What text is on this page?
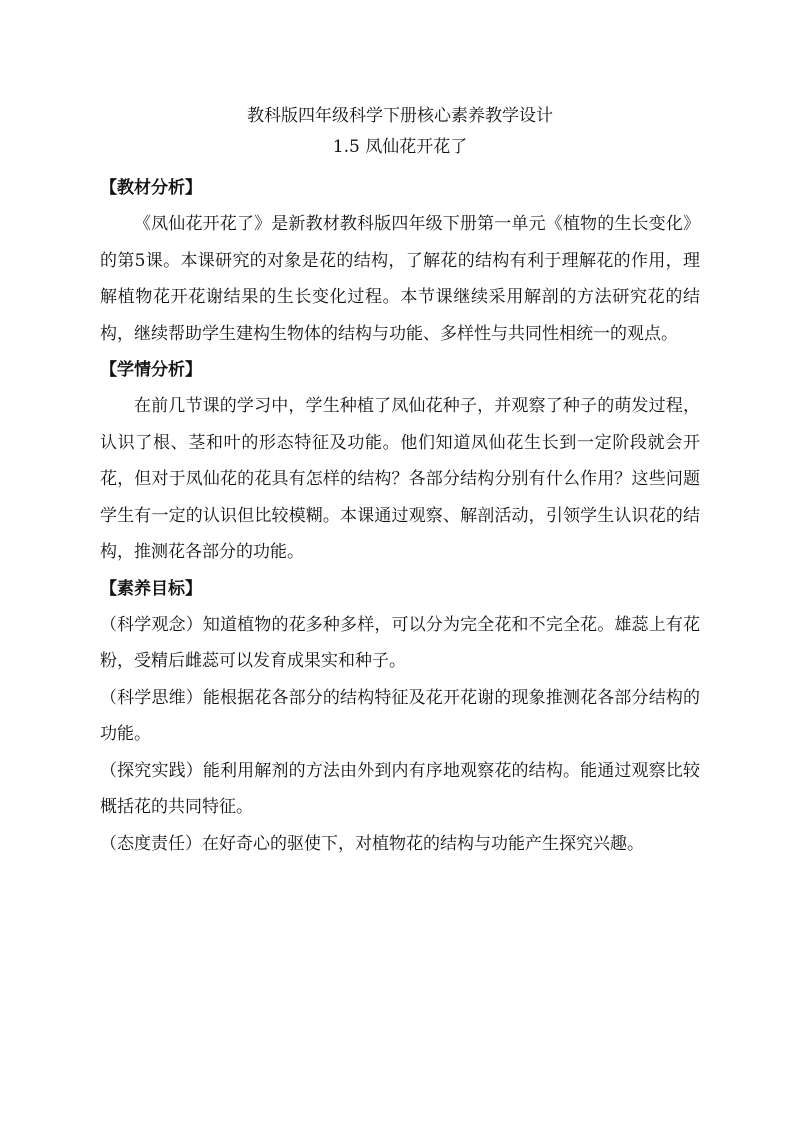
教科版四年级科学下册核心素养教学设计
1.5 凤仙花开花了
【教材分析】

《凤仙花开花了》是新教材教科版四年级下册第一单元《植物的生长变化》的第5课。本课研究的对象是花的结构，了解花的结构有利于理解花的作用，理解植物花开花谢结果的生长变化过程。本节课继续采用解剖的方法研究花的结构，继续帮助学生建构生物体的结构与功能、多样性与共同性相统一的观点。

【学情分析】

在前几节课的学习中，学生种植了凤仙花种子，并观察了种子的萌发过程，认识了根、茎和叶的形态特征及功能。他们知道凤仙花生长到一定阶段就会开花，但对于凤仙花的花具有怎样的结构？各部分结构分别有什么作用？这些问题学生有一定的认识但比较模糊。本课通过观察、解剖活动，引领学生认识花的结构，推测花各部分的功能。

【素养目标】

（科学观念）知道植物的花多种多样，可以分为完全花和不完全花。雄蕊上有花粉，受精后雌蕊可以发育成果实和种子。

（科学思维）能根据花各部分的结构特征及花开花谢的现象推测花各部分结构的功能。

（探究实践）能利用解剂的方法由外到内有序地观察花的结构。能通过观察比较概括花的共同特征。

（态度责任）在好奇心的驱使下，对植物花的结构与功能产生探究兴趣。
